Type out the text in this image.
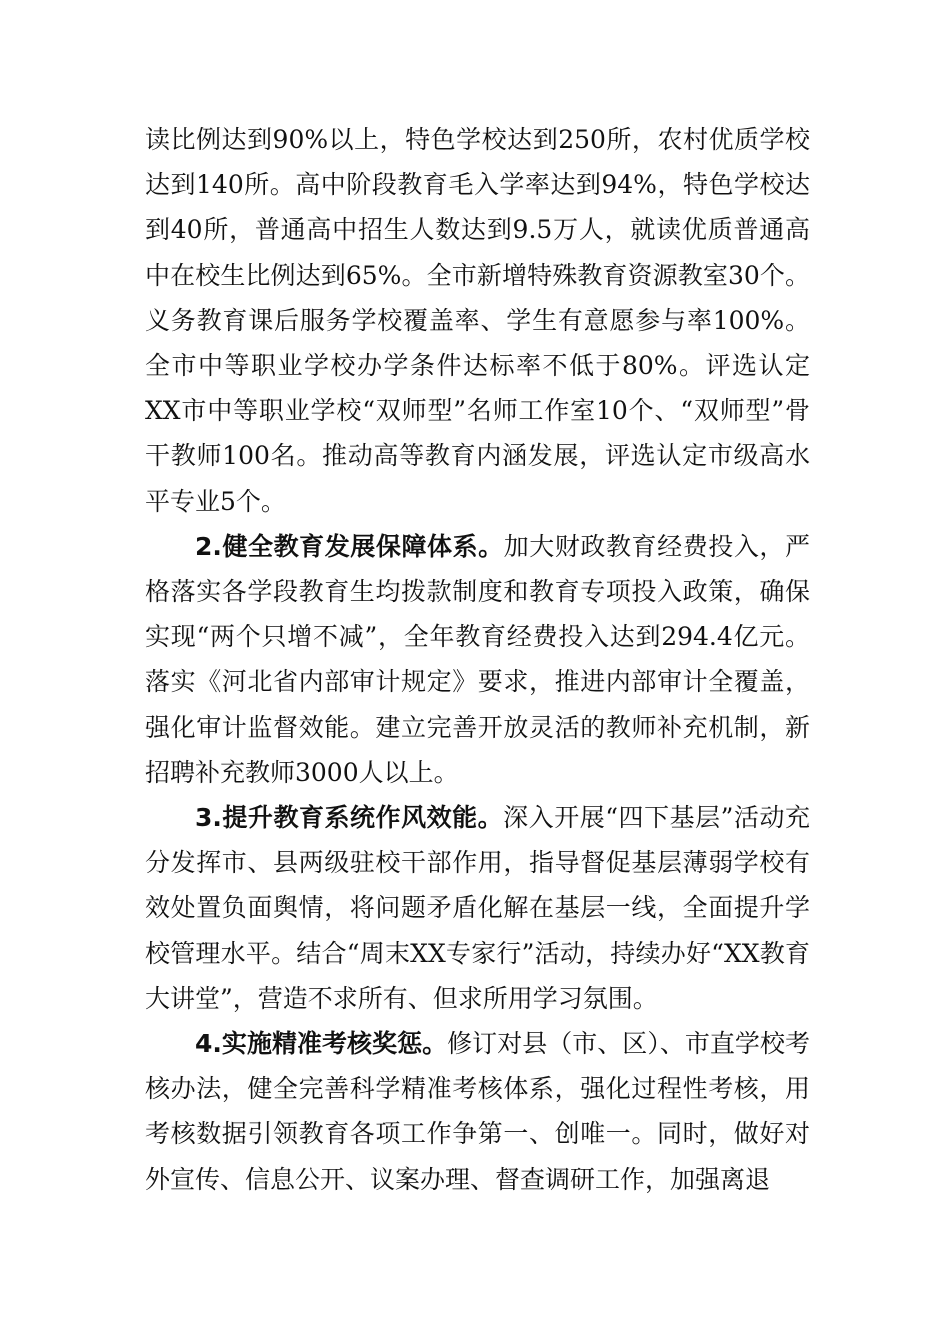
读比例达到90%以上，特色学校达到250所，农村优质学校达到140所。高中阶段教育毛入学率达到94%，特色学校达到40所，普通高中招生人数达到9.5万人，就读优质普通高中在校生比例达到65%。全市新增特殊教育资源教室30个。义务教育课后服务学校覆盖率、学生有意愿参与率100%。全市中等职业学校办学条件达标率不低于80%。评选认定XX市中等职业学校“双师型”名师工作室10个、“双师型”骨干教师100名。推动高等教育内涵发展，评选认定市级高水平专业5个。

2.健全教育发展保障体系。加大财政教育经费投入，严格落实各学段教育生均拨款制度和教育专项投入政策，确保实现“两个只增不减”，全年教育经费投入达到294.4亿元。落实《河北省内部审计规定》要求，推进内部审计全覆盖，强化审计监督效能。建立完善开放灵活的教师补充机制，新招聘补充教师3000人以上。

3.提升教育系统作风效能。深入开展“四下基层”活动充分发挥市、县两级驻校干部作用，指导督促基层薄弱学校有效处置负面舆情，将问题矛盾化解在基层一线，全面提升学校管理水平。结合“周末XX专家行”活动，持续办好“XX教育大讲堂”，营造不求所有、但求所用学习氛围。

4.实施精准考核奖惩。修订对县（市、区）、市直学校考核办法，健全完善科学精准考核体系，强化过程性考核，用考核数据引领教育各项工作争第一、创唯一。同时，做好对外宣传、信息公开、议案办理、督查调研工作，加强离退
